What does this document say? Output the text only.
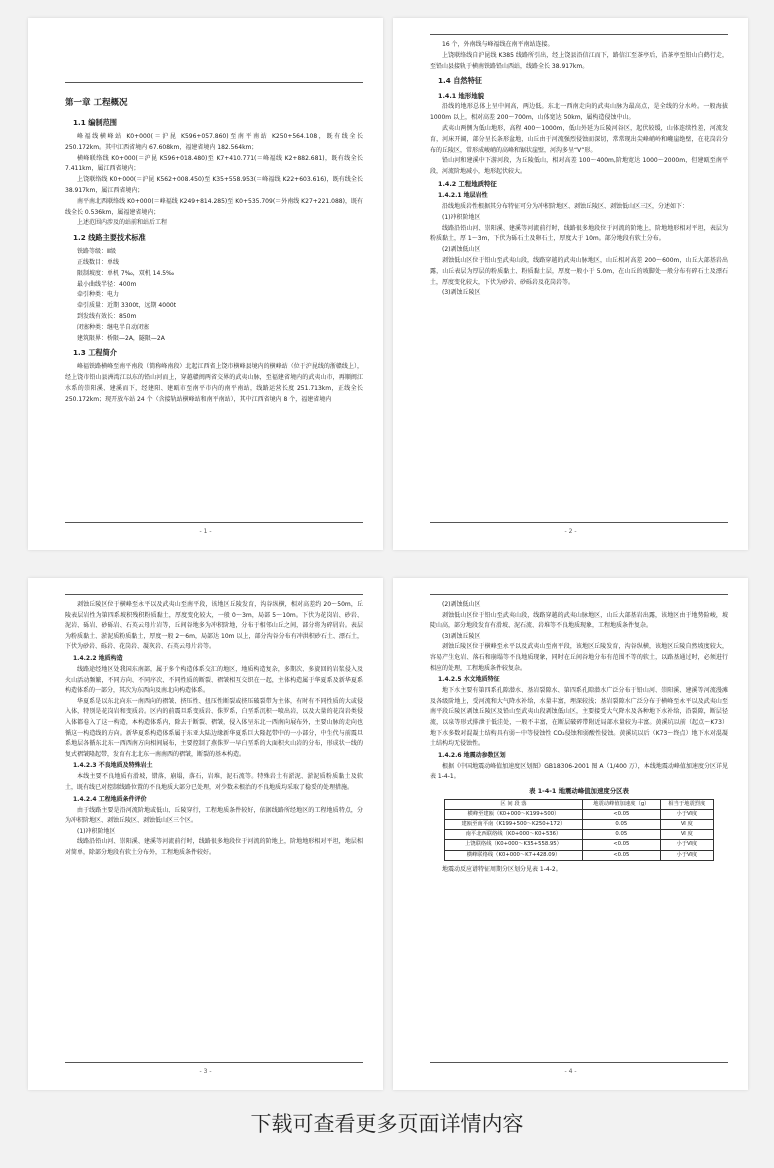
第一章 工程概况
1.1 编制范围

峰福线横峰站 K0+000(＝沪昆 K596+057.860)至南平南站 K250+564.108，既有线全长 250.172km。其中江西省境内 67.608km，福建省境内 182.564km；

横峰联络线 K0+000(＝沪昆 K596+018.480)至 K7+410.771(＝峰福线 K2+882.681)，既有线全长 7.411km，属江西省境内；

上饶联络线 K0+000(＝沪昆 K562+008.450)至 K35+558.953(＝峰福线 K22+603.616)，既有线全长 38.917km，属江西省境内；

南平南北西联络线 K0+000(＝峰福线 K249+814.285)至 K0+535.709(＝外南线 K27+221.088)，既有线全长 0.536km，属福建省境内；

上述范围内涉及的站前和站后工程

1.2 线路主要技术标准

铁路等级：Ⅱ级

正线数目：单线

限制坡度：单机 7‰，双机 14.5‰

最小曲线半径：400m

牵引种类：电力

牵引质量：近期 3300t，远期 4000t

到发线有效长：850m

闭塞种类：继电半自动闭塞

建筑限界：桥限—2A，隧限—2A

1.3 工程简介

峰福铁路横峰至南平南段（简称峰南段）北起江西省上饶市横峰县境内的横峰站（位于沪昆线的浙赣线上），经上饶市铅山县洲湾江以东的铅山河而上，穿越赣闽两省交界的武夷山脉，至福建省境内的武夷山市，再顺闽江水系的崇阳溪、建溪而下，经建阳、建瓯市至南平市内的南平南站，线路运营长度 251.713km，正线全长 250.172km；现开放车站 24 个（含接轨站横峰站和南平南站），其中江西省境内 8 个，福建省境内

- 1 -

16 个，外南线与峰福线在南平南站连接。

上饶联络线自沪昆线 K385 线路所引出，经上饶县沿信江而下，路信江至茶亭后，沿茶亭至铅山白鹤行走，至铅山县接轨于横南铁路铅山西站，线路全长 38.917km。

1.4 自然特征
1.4.1 地形地貌

沿线的地形总体上呈中间高，两边低。东北一西南走向的武夷山脉为最高点，是全线的分水岭。一般海拔 1000m 以上，相对高差 200～700m，山体宽达 50km，属构造侵蚀中山。

武夷山两侧为低山地形，高程 400～1000m，低山外延为丘陵河谷区，起伏较缓，山体连续性差，河流发育，河床开阔，部分呈长条形盆地，山丘由于河流强烈侵蚀而深切，常常现出尖峰峭岭和巉崖绝壁，在花岗岩分布的丘陵区，常形成峻峭的高峰和锯状崖壁，河沟多呈“V”形。

铅山河和建溪中下游河段，为丘陵低山，相对高差 100～400m,阶地宽达 1000～2000m，但建瓯至南平段，河流阶地减小，地形起伏较大。

1.4.2 工程地质特征
1.4.2.1 地层岩性

沿线地质岩性根据其分布特征可分为冲积阶地区、剥蚀丘陵区、剥蚀低山区三区，分述如下：

(1)冲积阶地区

线路沿铅山河、崇阳溪、建溪等河流前行时，线路很多地段位于河流的阶地上，阶地地形相对平坦，表层为粉质黏土，厚 1～3m，下伏为砾石土及卵石土，厚度大于 10m。部分地段有软土分布。

(2)剥蚀低山区

剥蚀低山区位于铅山至武夷山段，线路穿越的武夷山脉地区，山丘相对高差 200～600m，山丘大部基岩出露，山丘表层为厚层的粉质黏土、粉质黏土层，厚度一般小于 5.0m，在山丘的坡脚处一般分布有碎石土及漂石土，厚度变化较大，下伏为砂岩、砂砾岩及花岗岩等。

(3)剥蚀丘陵区

- 2 -

剥蚀丘陵区位于横峰至永平以及武夷山至南平段，该地区丘陵发育，沟谷纵横，相对高差约 20～50m，丘陵表层岩性为第四系坡积残积粉质黏土，厚度变化较大，一般 0～3m，局部 5～10m。下伏为花岗岩、砂岩、泥岩、砾岩、砂砾岩、石英云母片岩等，丘间谷地多为冲积阶地，分布于相邻山丘之间，部分将为碎屑岩。表层为粉质黏土、淤泥质粉质黏土，厚度一般 2～6m，局部达 10m 以上，部分沟谷分布有冲洪积砂石土、漂石土，下伏为砂岩、砾岩、花岗岩、凝灰岩、石英云母片岩等。

1.4.2.2 地质构造

线路途经地区处我国东南部，属于多个构造体系交汇的地区，地质构造复杂，多期次、多旋回的岩浆侵入及火山活动频繁，不同方向、不同序次、不同性质的断裂、褶皱相互交织在一起，主体构造属于华夏系及新华夏系构造体系的一部分，其次为东西向及南北向构造体系。

华夏系是以东北向东一南西向的褶皱、挤压性、扭压性断裂或挤压破裂带为主体，有时有不同性质的大或侵入体，特别是花岗岩和变质岩。区内的前震旦系变质岩、侏罗系，白垩系沉积一喷出岩，以及大量的花岗岩类侵入体都卷入了这一构造，本构造体系内，除去于断裂、褶皱，侵入体呈东北一西南向展布外，主要山脉的走向也循这一构造线的方向。新华夏系构造体系属于东亚大陆边缘新华夏系巨大隆起带中的一小部分，中生代与前震旦系地层各循东北东一西西南方向相间展布，主要控制了燕侏罗一早白垩系的大面积火山岩的分布，形成状一线的复式褶皱隆起带，发育有北北东一南南西的褶皱，断裂的基本构造。

1.4.2.3 不良地质及特殊岩土

本线主要不良地质有滑坡，错落，崩塌，落石，岩堆，泥石流等。特殊岩土有淤泥、淤泥质粉质黏土及软土，既有线已对控制线路位置的不良地质大部分已处理，对少数未根治的不良地质均采取了稳妥的处理措施。

1.4.2.4 工程地质条件评价

由于线路主要是沿河流阶地或低山、丘陵穿行，工程地质条件较好，依据线路所经地区的工程地质特点，分为冲积阶地区、剥蚀丘陵区、剥蚀低山区三个区。

(1)冲积阶地区

线路沿铅山河、崇阳溪、建溪等河流前行时，线路很多地段位于河流的阶地上，阶地地形相对平坦，地层相对简单，除部分地段有软土分布外，工程地质条件较好。

- 3 -

(2)剥蚀低山区

剥蚀低山区位于铅山至武夷山段，线路穿越的武夷山脉地区，山丘大部基岩出露，该地区由于地势险峻，坡陡山高，部分地段发育有滑坡、泥石流、岩堆等不良地质现象，工程地质条件复杂。

(3)剥蚀丘陵区

剥蚀丘陵区位于横峰至永平以及武夷山至南平段，该地区丘陵发育，沟谷纵横，该地区丘陵自然坡度较大，容易产生危岩、落石和崩塌等不良地质现象，同时在丘间谷地分布有范围不等的软土，以路基通过时，必须进行相应的处理，工程地质条件较复杂。

1.4.2.5 水文地质特征

地下水主要有第四系孔隙潜水、基岩裂隙水、第四系孔隙潜水广泛分布于铅山河、崇阳溪、建溪等河流漫滩及各级阶地上，受河流和大气降水补给，水量丰富，埋深较浅；基岩裂隙水广泛分布于横峰至永平以及武夷山至南平段丘陵区剥蚀丘陵区及铅山至武夷山段剥蚀低山区，主要接受大气降水及各种地下水补给，沿裂隙，断层径流，以泉等形式排泄于低洼处，一般不丰富，在断层破碎带附近局部水量较为丰富。黄溪坑以前（起点～K73）地下水多数对混凝土结构具有弱～中等侵蚀性 CO₂侵蚀和弱酸性侵蚀。黄溪坑以后（K73～终点）地下水对混凝土结构均无侵蚀性。

1.4.2.6 地震动参数区划

根据《中国地震动峰值加速度区划图》GB18306-2001 图 A（1/400 万），本线地震动峰值加速度分区详见表 1-4-1。

表 1-4-1 地震动峰值加速度分区表
区 间 段 落	地震动峰值加速度（g）	相当于地震烈度
横峰至建瓯（K0+000～K199+500）	<0.05	小于Ⅵ度
建瓯至南平南（K199+500～K250+172）	0.05	Ⅵ 度
南平北西联络线（K0+000～K0+536）	0.05	Ⅵ 度
上饶联络线（K0+000～K35+558.95）	<0.05	小于Ⅵ度
横峰联络线（K0+000～K7+428.09）	<0.05	小于Ⅵ度

地震动反应谱特征周期分区划分见表 1-4-2。

- 4 -
下载可查看更多页面详情内容
